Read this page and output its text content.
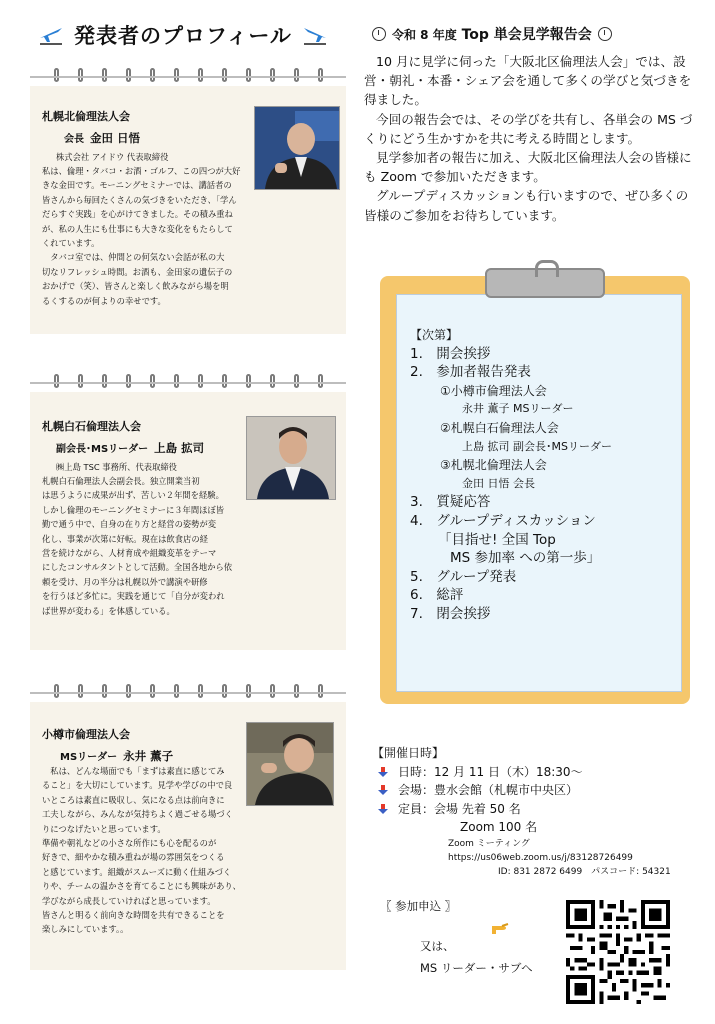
発表者のプロフィール	令和 8 年度 Top 単会見学報告会
札幌北倫理法人会
会長 金田 日悟
株式会社 アイドウ 代表取締役
私は、倫理・タバコ・お酒・ゴルフ、この四つが大好
きな金田です。モーニングセミナーでは、講話者の
皆さんから毎回たくさんの気づきをいただき、「学ん
だらすぐ実践」を心がけてきました。その積み重ね
が、私の人生にも仕事にも大きな変化をもたらして
くれています。
　タバコ室では、仲間との何気ない会話が私の大
切なリフレッシュ時間。お酒も、金田家の遺伝子の
おかげで（笑）、皆さんと楽しく飲みながら場を明
るくするのが何よりの幸せです。
札幌白石倫理法人会
副会長･MSリーダー 上島 拡司
㈱上島 TSC 事務所、代表取締役
札幌白石倫理法人会副会長。独立開業当初
は思うように成果が出ず、苦しい２年間を経験。
しかし倫理のモーニングセミナーに３年間ほぼ皆
勤で通う中で、自身の在り方と経営の姿勢が変
化し、事業が次第に好転。現在は飲食店の経
営を続けながら、人材育成や組織変革をテーマ
にしたコンサルタントとして活動。全国各地から依
頼を受け、月の半分は札幌以外で講演や研修
を行うほど多忙に。実践を通じて「自分が変われ
ば世界が変わる」を体感している。
小樽市倫理法人会
MSリーダー 永井 薫子
　私は、どんな場面でも「まずは素直に感じてみ
ること」を大切にしています。見学や学びの中で良
いところは素直に吸収し、気になる点は前向きに
工夫しながら、みんなが気持ちよく過ごせる場づく
りにつなげたいと思っています。
準備や朝礼などの小さな所作にも心を配るのが
好きで、細やかな積み重ねが場の雰囲気をつくる
と感じています。組織がスムーズに動く仕組みづく
りや、チームの温かさを育てることにも興味があり、
学びながら成長していければと思っています。
皆さんと明るく前向きな時間を共有できることを
楽しみにしています。。

10 月に見学に伺った「大阪北区倫理法人会」では、設営・朝礼・本番・シェア会を通して多くの学びと気づきを得ました。

今回の報告会では、その学びを共有し、各単会の MS づくりにどう生かすかを共に考える時間とします。

見学参加者の報告に加え、大阪北区倫理法人会の皆様にも Zoom で参加いただきます。

グループディスカッションも行いますので、ぜひ多くの皆様のご参加をお待ちしています。

【次第】
1.　開会挨拶
2.　参加者報告発表
①小樽市倫理法人会
永井 薫子 MSリーダー
②札幌白石倫理法人会
上島 拡司 副会長･MSリーダー
③札幌北倫理法人会
金田 日悟 会長
3.　質疑応答
4.　グループディスカッション
「目指せ! 全国 Top
MS 参加率 への第一歩」
5.　グループ発表
6.　総評
7.　閉会挨拶
【開催日時】
日時：12 月 11 日（木）18:30～
会場：豊水会館（札幌市中央区）
定員：会場 先着 50 名
Zoom 100 名
Zoom ミーティング
https://us06web.zoom.us/j/83128726499
ID: 831 2872 6499　パスコード: 54321
〖 参加申込 〗
又は、
MS リーダー・サブへ
